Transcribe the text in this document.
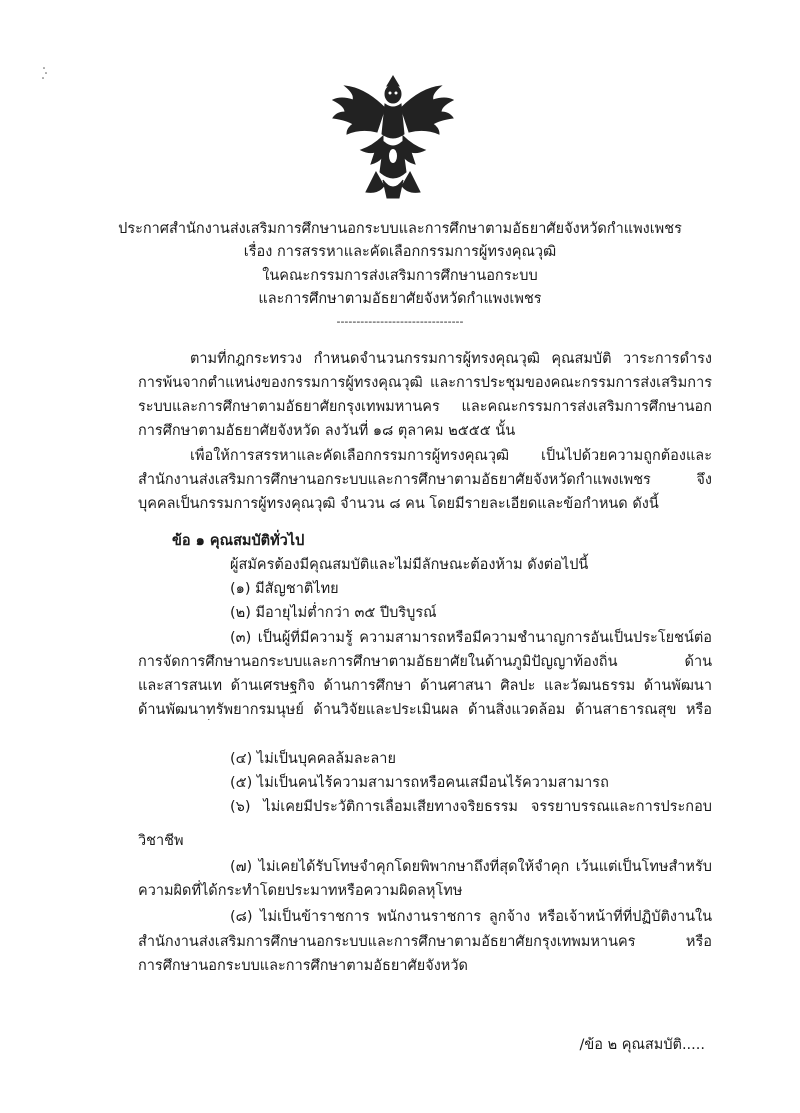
ประกาศสำนักงานส่งเสริมการศึกษานอกระบบและการศึกษาตามอัธยาศัยจังหวัดกำแพงเพชร
เรื่อง การสรรหาและคัดเลือกกรรมการผู้ทรงคุณวุฒิ
ในคณะกรรมการส่งเสริมการศึกษานอกระบบ
และการศึกษาตามอัธยาศัยจังหวัดกำแพงเพชร
--------------------------------
ตามที่กฎกระทรวง กำหนดจำนวนกรรมการผู้ทรงคุณวุฒิ คุณสมบัติ วาระการดำรง
การพ้นจากตำแหน่งของกรรมการผู้ทรงคุณวุฒิ และการประชุมของคณะกรรมการส่งเสริมการ
ระบบและการศึกษาตามอัธยาศัยกรุงเทพมหานคร และคณะกรรมการส่งเสริมการศึกษานอก
การศึกษาตามอัธยาศัยจังหวัด ลงวันที่ ๑๘ ตุลาคม ๒๕๕๕ นั้น
เพื่อให้การสรรหาและคัดเลือกกรรมการผู้ทรงคุณวุฒิ เป็นไปด้วยความถูกต้องและ
สำนักงานส่งเสริมการศึกษานอกระบบและการศึกษาตามอัธยาศัยจังหวัดกำแพงเพชร จึง
บุคคลเป็นกรรมการผู้ทรงคุณวุฒิ จำนวน ๘ คน โดยมีรายละเอียดและข้อกำหนด ดังนี้
ข้อ ๑ คุณสมบัติทั่วไป
ผู้สมัครต้องมีคุณสมบัติและไม่มีลักษณะต้องห้าม ดังต่อไปนี้
(๑) มีสัญชาติไทย
(๒) มีอายุไม่ต่ำกว่า ๓๕ ปีบริบูรณ์
(๓) เป็นผู้ที่มีความรู้ ความสามารถหรือมีความชำนาญการอันเป็นประโยชน์ต่อ
การจัดการศึกษานอกระบบและการศึกษาตามอัธยาศัยในด้านภูมิปัญญาท้องถิ่น ด้าน
และสารสนเท ด้านเศรษฐกิจ ด้านการศึกษา ด้านศาสนา ศิลปะ และวัฒนธรรม ด้านพัฒนา
ด้านพัฒนาทรัพยากรมนุษย์ ด้านวิจัยและประเมินผล ด้านสิ่งแวดล้อม ด้านสาธารณสุข หรือ
(๔) ไม่เป็นบุคคลล้มละลาย
(๕) ไม่เป็นคนไร้ความสามารถหรือคนเสมือนไร้ความสามารถ
(๖) ไม่เคยมีประวัติการเลื่อมเสียทางจริยธรรม จรรยาบรรณและการประกอบ
วิชาชีพ
(๗) ไม่เคยได้รับโทษจำคุกโดยพิพากษาถึงที่สุดให้จำคุก เว้นแต่เป็นโทษสำหรับ
ความผิดที่ได้กระทำโดยประมาทหรือความผิดลหุโทษ
(๘) ไม่เป็นข้าราชการ พนักงานราชการ ลูกจ้าง หรือเจ้าหน้าที่ที่ปฏิบัติงานใน
สำนักงานส่งเสริมการศึกษานอกระบบและการศึกษาตามอัธยาศัยกรุงเทพมหานคร หรือ
การศึกษานอกระบบและการศึกษาตามอัธยาศัยจังหวัด
/ข้อ ๒ คุณสมบัติ.....
